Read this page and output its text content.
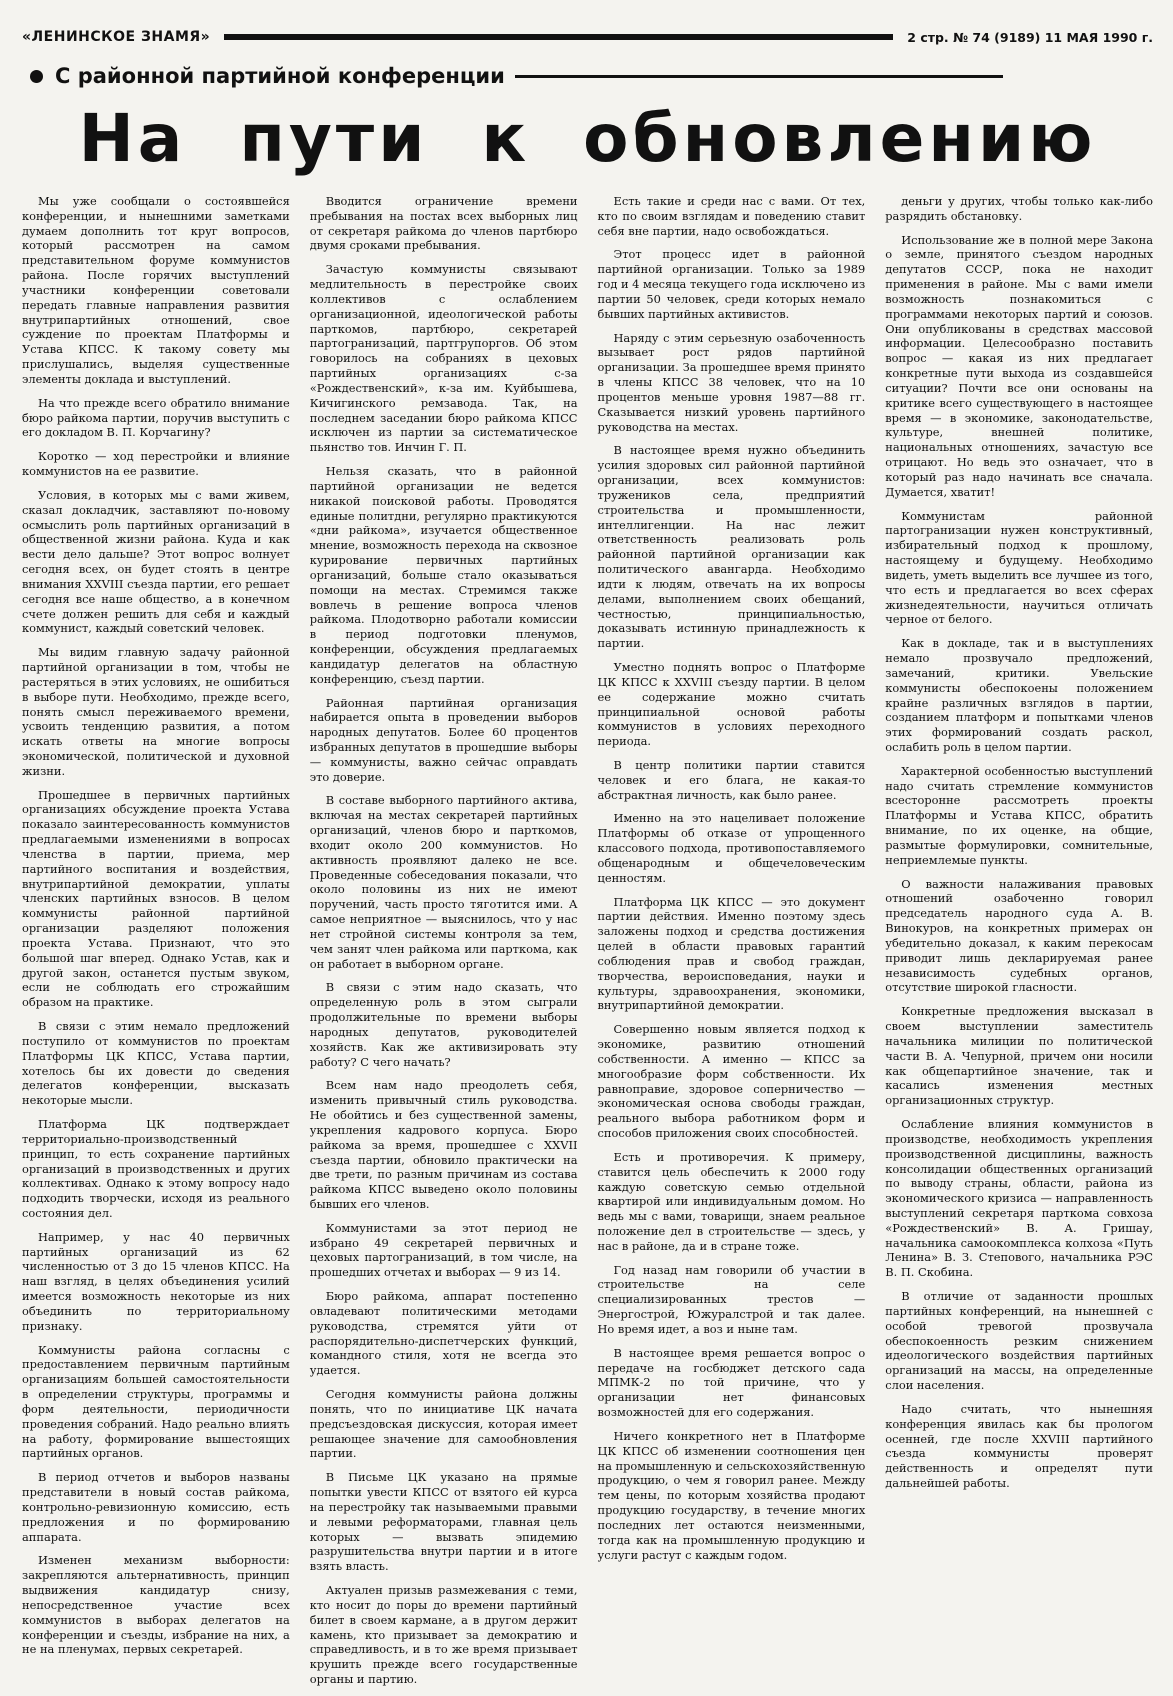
«ЛЕНИНСКОЕ ЗНАМЯ»	2 стр. № 74 (9189) 11 МАЯ 1990 г.
С районной партийной конференции
На пути к обновлению

Мы уже сообщали о состоявшейся конференции, и нынешними заметками думаем дополнить тот круг вопросов, который рассмотрен на самом представительном форуме коммунистов района. После горячих выступлений участники конференции советовали передать главные направления развития внутрипартийных отношений, свое суждение по проектам Платформы и Устава КПСС. К такому совету мы прислушались, выделяя существенные элементы доклада и выступлений.

На что прежде всего обратило внимание бюро райкома партии, поручив выступить с его докладом В. П. Корчагину?

Коротко — ход перестройки и влияние коммунистов на ее развитие.

Условия, в которых мы с вами живем, сказал докладчик, заставляют по-новому осмыслить роль партийных организаций в общественной жизни района. Куда и как вести дело дальше? Этот вопрос волнует сегодня всех, он будет стоять в центре внимания XXVIII съезда партии, его решает сегодня все наше общество, а в конечном счете должен решить для себя и каждый коммунист, каждый советский человек.

Мы видим главную задачу районной партийной организации в том, чтобы не растеряться в этих условиях, не ошибиться в выборе пути. Необходимо, прежде всего, понять смысл переживаемого времени, усвоить тенденцию развития, а потом искать ответы на многие вопросы экономической, политической и духовной жизни.

Прошедшее в первичных партийных организациях обсуждение проекта Устава показало заинтересованность коммунистов предлагаемыми изменениями в вопросах членства в партии, приема, мер партийного воспитания и воздействия, внутрипартийной демократии, уплаты членских партийных взносов. В целом коммунисты районной партийной организации разделяют положения проекта Устава. Признают, что это большой шаг вперед. Однако Устав, как и другой закон, останется пустым звуком, если не соблюдать его строжайшим образом на практике.

В связи с этим немало предложений поступило от коммунистов по проектам Платформы ЦК КПСС, Устава партии, хотелось бы их довести до сведения делегатов конференции, высказать некоторые мысли.

Платформа ЦК подтверждает территориально-производственный принцип, то есть сохранение партийных организаций в производственных и других коллективах. Однако к этому вопросу надо подходить творчески, исходя из реального состояния дел.

Например, у нас 40 первичных партийных организаций из 62 численностью от 3 до 15 членов КПСС. На наш взгляд, в целях объединения усилий имеется возможность некоторые из них объединить по территориальному признаку.

Коммунисты района согласны с предоставлением первичным партийным организациям большей самостоятельности в определении структуры, программы и форм деятельности, периодичности проведения собраний. Надо реально влиять на работу, формирование вышестоящих партийных органов.

В период отчетов и выборов названы представители в новый состав райкома, контрольно-ревизионную комиссию, есть предложения и по формированию аппарата.

Изменен механизм выборности: закрепляются альтернативность, принцип выдвижения кандидатур снизу, непосредственное участие всех коммунистов в выборах делегатов на конференции и съезды, избрание на них, а не на пленумах, первых секретарей.

Вводится ограничение времени пребывания на постах всех выборных лиц от секретаря райкома до членов партбюро двумя сроками пребывания.

Зачастую коммунисты связывают медлительность в перестройке своих коллективов с ослаблением организационной, идеологической работы парткомов, партбюро, секретарей партогранизаций, партгрупоргов. Об этом говорилось на собраниях в цеховых партийных организациях с-за «Рождественский», к-за им. Куйбышева, Кичигинского ремзавода. Так, на последнем заседании бюро райкома КПСС исключен из партии за систематическое пьянство тов. Инчин Г. П.

Нельзя сказать, что в районной партийной организации не ведется никакой поисковой работы. Проводятся единые политдни, регулярно практикуются «дни райкома», изучается общественное мнение, возможность перехода на сквозное курирование первичных партийных организаций, больше стало оказываться помощи на местах. Стремимся также вовлечь в решение вопроса членов райкома. Плодотворно работали комиссии в период подготовки пленумов, конференции, обсуждения предлагаемых кандидатур делегатов на областную конференцию, съезд партии.

Районная партийная организация набирается опыта в проведении выборов народных депутатов. Более 60 процентов избранных депутатов в прошедшие выборы — коммунисты, важно сейчас оправдать это доверие.

В составе выборного партийного актива, включая на местах секретарей партийных организаций, членов бюро и парткомов, входит около 200 коммунистов. Но активность проявляют далеко не все. Проведенные собеседования показали, что около половины из них не имеют поручений, часть просто тяготится ими. А самое неприятное — выяснилось, что у нас нет стройной системы контроля за тем, чем занят член райкома или парткома, как он работает в выборном органе.

В связи с этим надо сказать, что определенную роль в этом сыграли продолжительные по времени выборы народных депутатов, руководителей хозяйств. Как же активизировать эту работу? С чего начать?

Всем нам надо преодолеть себя, изменить привычный стиль руководства. Не обойтись и без существенной замены, укрепления кадрового корпуса. Бюро райкома за время, прошедшее с XXVII съезда партии, обновило практически на две трети, по разным причинам из состава райкома КПСС выведено около половины бывших его членов.

Коммунистами за этот период не избрано 49 секретарей первичных и цеховых партогранизаций, в том числе, на прошедших отчетах и выборах — 9 из 14.

Бюро райкома, аппарат постепенно овладевают политическими методами руководства, стремятся уйти от распорядительно-диспетчерских функций, командного стиля, хотя не всегда это удается.

Сегодня коммунисты района должны понять, что по инициативе ЦК начата предсъездовская дискуссия, которая имеет решающее значение для самообновления партии.

В Письме ЦК указано на прямые попытки увести КПСС от взятого ей курса на перестройку так называемыми правыми и левыми реформаторами, главная цель которых — вызвать эпидемию разрушительства внутри партии и в итоге взять власть.

Актуален призыв размежевания с теми, кто носит до поры до времени партийный билет в своем кармане, а в другом держит камень, кто призывает за демократию и справедливость, и в то же время призывает крушить прежде всего государственные органы и партию.

Есть такие и среди нас с вами. От тех, кто по своим взглядам и поведению ставит себя вне партии, надо освобождаться.

Этот процесс идет в районной партийной организации. Только за 1989 год и 4 месяца текущего года исключено из партии 50 человек, среди которых немало бывших партийных активистов.

Наряду с этим серьезную озабоченность вызывает рост рядов партийной организации. За прошедшее время принято в члены КПСС 38 человек, что на 10 процентов меньше уровня 1987—88 гг. Сказывается низкий уровень партийного руководства на местах.

В настоящее время нужно объединить усилия здоровых сил районной партийной организации, всех коммунистов: тружеников села, предприятий строительства и промышленности, интеллигенции. На нас лежит ответственность реализовать роль районной партийной организации как политического авангарда. Необходимо идти к людям, отвечать на их вопросы делами, выполнением своих обещаний, честностью, принципиальностью, доказывать истинную принадлежность к партии.

Уместно поднять вопрос о Платформе ЦК КПСС к XXVIII съезду партии. В целом ее содержание можно считать принципиальной основой работы коммунистов в условиях переходного периода.

В центр политики партии ставится человек и его блага, не какая-то абстрактная личность, как было ранее.

Именно на это нацеливает положение Платформы об отказе от упрощенного классового подхода, противопоставляемого общенародным и общечеловеческим ценностям.

Платформа ЦК КПСС — это документ партии действия. Именно поэтому здесь заложены подход и средства достижения целей в области правовых гарантий соблюдения прав и свобод граждан, творчества, вероисповедания, науки и культуры, здравоохранения, экономики, внутрипартийной демократии.

Совершенно новым является подход к экономике, развитию отношений собственности. А именно — КПСС за многообразие форм собственности. Их равноправие, здоровое соперничество — экономическая основа свободы граждан, реального выбора работником форм и способов приложения своих способностей.

Есть и противоречия. К примеру, ставится цель обеспечить к 2000 году каждую советскую семью отдельной квартирой или индивидуальным домом. Но ведь мы с вами, товарищи, знаем реальное положение дел в строительстве — здесь, у нас в районе, да и в стране тоже.

Год назад нам говорили об участии в строительстве на селе специализированных трестов — Энергострой, Южуралстрой и так далее. Но время идет, а воз и ныне там.

В настоящее время решается вопрос о передаче на госбюджет детского сада МПМК-2 по той причине, что у организации нет финансовых возможностей для его содержания.

Ничего конкретного нет в Платформе ЦК КПСС об изменении соотношения цен на промышленную и сельскохозяйственную продукцию, о чем я говорил ранее. Между тем цены, по которым хозяйства продают продукцию государству, в течение многих последних лет остаются неизменными, тогда как на промышленную продукцию и услуги растут с каждым годом.

деньги у других, чтобы только как-либо разрядить обстановку.

Использование же в полной мере Закона о земле, принятого съездом народных депутатов СССР, пока не находит применения в районе. Мы с вами имели возможность познакомиться с программами некоторых партий и союзов. Они опубликованы в средствах массовой информации. Целесообразно поставить вопрос — какая из них предлагает конкретные пути выхода из создавшейся ситуации? Почти все они основаны на критике всего существующего в настоящее время — в экономике, законодательстве, культуре, внешней политике, национальных отношениях, зачастую все отрицают. Но ведь это означает, что в который раз надо начинать все сначала. Думается, хватит!

Коммунистам районной партогранизации нужен конструктивный, избирательный подход к прошлому, настоящему и будущему. Необходимо видеть, уметь выделить все лучшее из того, что есть и предлагается во всех сферах жизнедеятельности, научиться отличать черное от белого.

Как в докладе, так и в выступлениях немало прозвучало предложений, замечаний, критики. Увельские коммунисты обеспокоены положением крайне различных взглядов в партии, созданием платформ и попытками членов этих формирований создать раскол, ослабить роль в целом партии.

Характерной особенностью выступлений надо считать стремление коммунистов всесторонне рассмотреть проекты Платформы и Устава КПСС, обратить внимание, по их оценке, на общие, размытые формулировки, сомнительные, неприемлемые пункты.

О важности налаживания правовых отношений озабоченно говорил председатель народного суда А. В. Винокуров, на конкретных примерах он убедительно доказал, к каким перекосам приводит лишь декларируемая ранее независимость судебных органов, отсутствие широкой гласности.

Конкретные предложения высказал в своем выступлении заместитель начальника милиции по политической части В. А. Чепурной, причем они носили как общепартийное значение, так и касались изменения местных организационных структур.

Ослабление влияния коммунистов в производстве, необходимость укрепления производственной дисциплины, важность консолидации общественных организаций по выводу страны, области, района из экономического кризиса — направленность выступлений секретаря парткома совхоза «Рождественский» В. А. Гришау, начальника самоокомплекса колхоза «Путь Ленина» В. З. Степового, начальника РЭС В. П. Скобина.

В отличие от заданности прошлых партийных конференций, на нынешней с особой тревогой прозвучала обеспокоенность резким снижением идеологического воздействия партийных организаций на массы, на определенные слои населения.

Надо считать, что нынешняя конференция явилась как бы прологом осенней, где после XXVIII партийного съезда коммунисты проверят действенность и определят пути дальнейшей работы.
